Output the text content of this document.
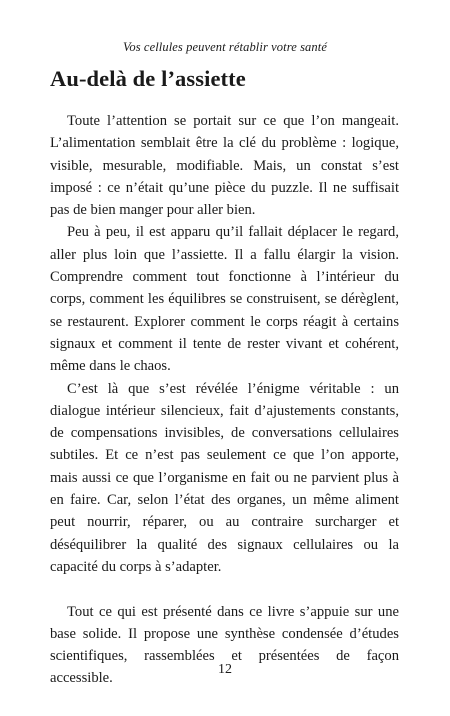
Vos cellules peuvent rétablir votre santé
Au-delà de l’assiette

Toute l’attention se portait sur ce que l’on mangeait. L’alimentation semblait être la clé du problème : logique, visible, mesurable, modifiable. Mais, un constat s’est imposé : ce n’était qu’une pièce du puzzle. Il ne suffisait pas de bien manger pour aller bien.

Peu à peu, il est apparu qu’il fallait déplacer le regard, aller plus loin que l’assiette. Il a fallu élargir la vision. Comprendre comment tout fonctionne à l’intérieur du corps, comment les équilibres se construisent, se dérèglent, se restaurent. Explorer comment le corps réagit à certains signaux et comment il tente de rester vivant et cohérent, même dans le chaos.

C’est là que s’est révélée l’énigme véritable : un dialogue intérieur silencieux, fait d’ajustements constants, de compensations invisibles, de conversations cellulaires subtiles. Et ce n’est pas seulement ce que l’on apporte, mais aussi ce que l’organisme en fait ou ne parvient plus à en faire. Car, selon l’état des organes, un même aliment peut nourrir, réparer, ou au contraire surcharger et déséquilibrer la qualité des signaux cellulaires ou la capacité du corps à s’adapter.

Tout ce qui est présenté dans ce livre s’appuie sur une base solide. Il propose une synthèse condensée d’études scientifiques, rassemblées et présentées de façon accessible.

12
